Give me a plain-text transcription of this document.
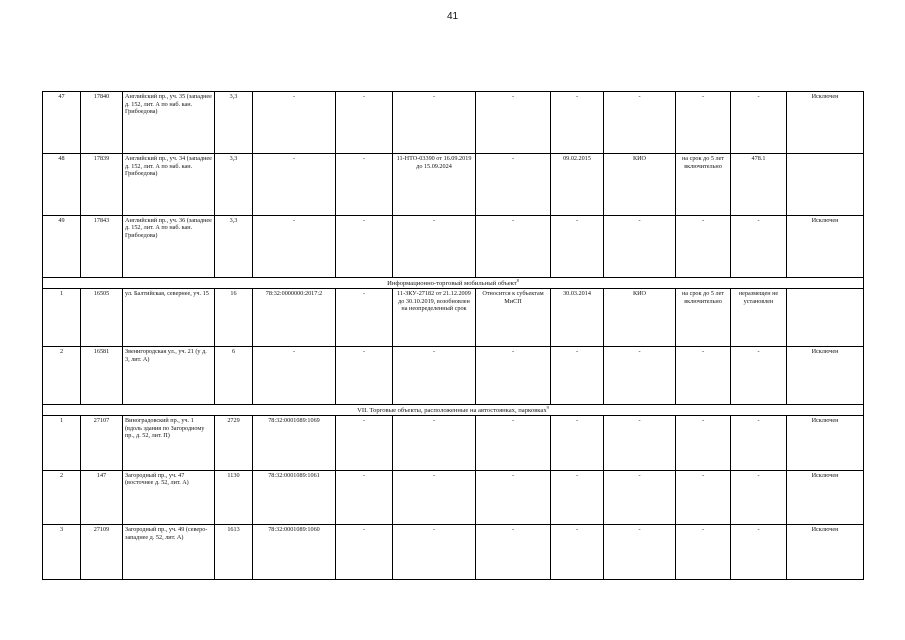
41
47	17840	Английский пр., уч. 35 (западнее д. 152, лит. А по наб. кан. Грибоедова)	3,3	-	-	-	-	-	-	-	-	Исключен
48	17839	Английский пр., уч. 34 (западнее д. 152, лит. А по наб. кан. Грибоедова)	3,3	-	-	11-НТО-03390 от 16.09.2019 до 15.09.2024	-	09.02.2015	КИО	на срок до 5 лет включительно	478.1	
49	17843	Английский пр., уч. 36 (западнее д. 152, лит. А по наб. кан. Грибоедова)	3,3	-	-	-	-	-	-	-	-	Исключен
Информационно-торговый мобильный объект$^8$
1	16505	ул. Балтийская, севернее, уч. 15	16	78:32:0000000:2017:2	-	11-ЗКУ-27182 от 21.12.2009 до 30.10.2019, возобновлен на неопределенный срок	Относится к субъектам МиСП	30.03.2014	КИО	на срок до 5 лет включительно	неразмещен не установлен	
2	16581	Звенигородская ул., уч. 21 (у д. 3, лит. А)	6	-	-	-	-	-	-	-	-	Исключен
VII. Торговые объекты, расположенные на автостоянках, парковках$^9$
1	27107	Виноградовский пр., уч. 1 (вдоль здания по Загородному пр., д. 52, лит. П)	2729	78:32:0001089:1069	-	-	-	-	-	-	-	Исключен
2	147	Загородный пр., уч. 47 (восточнее д. 52, лит. А)	1130	78:32:0001089:1061	-	-	-	-	-	-	-	Исключен
3	27109	Загородный пр., уч. 49 (северо-западнее д. 52, лит. А)	1613	78:32:0001089:1060	-	-	-	-	-	-	-	Исключен
